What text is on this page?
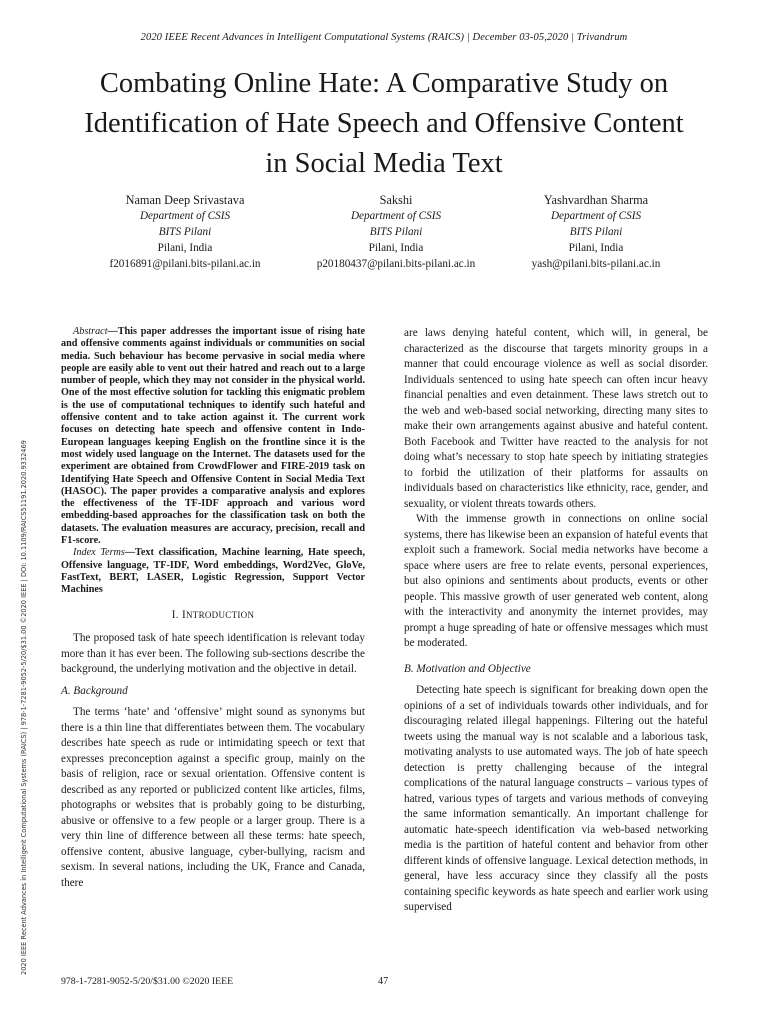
2020 IEEE Recent Advances in Intelligent Computational Systems (RAICS) | December 03-05,2020 | Trivandrum
Combating Online Hate: A Comparative Study on
Identification of Hate Speech and Offensive Content
in Social Media Text
Naman Deep Srivastava
Department of CSIS
BITS Pilani
Pilani, India
f2016891@pilani.bits-pilani.ac.in
Sakshi
Department of CSIS
BITS Pilani
Pilani, India
p20180437@pilani.bits-pilani.ac.in
Yashvardhan Sharma
Department of CSIS
BITS Pilani
Pilani, India
yash@pilani.bits-pilani.ac.in
2020 IEEE Recent Advances in Intelligent Computational Systems (RAICS) | 978-1-7281-9052-5/20/$31.00 ©2020 IEEE | DOI: 10.1109/RAICS51191.2020.9332469

Abstract—This paper addresses the important issue of rising hate and offensive comments against individuals or communities on social media. Such behaviour has become pervasive in social media where people are easily able to vent out their hatred and reach out to a large number of people, which they may not consider in the physical world. One of the most effective solution for tackling this enigmatic problem is the use of computational techniques to identify such hateful and offensive content and to take action against it. The current work focuses on detecting hate speech and offensive content in Indo-European languages keeping English on the frontline since it is the most widely used language on the Internet. The datasets used for the experiment are obtained from CrowdFlower and FIRE-2019 task on Identifying Hate Speech and Offensive Content in Social Media Text (HASOC). The paper provides a comparative analysis and explores the effectiveness of the TF-IDF approach and various word embedding-based approaches for the classification task on both the datasets. The evaluation measures are accuracy, precision, recall and F1-score.

Index Terms—Text classification, Machine learning, Hate speech, Offensive language, TF-IDF, Word embeddings, Word2Vec, GloVe, FastText, BERT, LASER, Logistic Regression, Support Vector Machines

I. INTRODUCTION

The proposed task of hate speech identification is relevant today more than it has ever been. The following sub-sections describe the background, the underlying motivation and the objective in detail.

A. Background

The terms ‘hate’ and ‘offensive’ might sound as synonyms but there is a thin line that differentiates between them. The vocabulary describes hate speech as rude or intimidating speech or text that expresses preconception against a specific group, mainly on the basis of religion, race or sexual orientation. Offensive content is described as any reported or publicized content like articles, films, photographs or websites that is probably going to be disturbing, abusive or offensive to a few people or a larger group. There is a very thin line of difference between all these terms: hate speech, offensive content, abusive language, cyber-bullying, racism and sexism. In several nations, including the UK, France and Canada, there

are laws denying hateful content, which will, in general, be characterized as the discourse that targets minority groups in a manner that could encourage violence as well as social disorder. Individuals sentenced to using hate speech can often incur heavy financial penalties and even detainment. These laws stretch out to the web and web-based social networking, directing many sites to make their own arrangements against abusive and hateful content. Both Facebook and Twitter have reacted to the analysis for not doing what’s necessary to stop hate speech by initiating strategies to forbid the utilization of their platforms for assaults on individuals based on characteristics like ethnicity, race, gender, and sexuality, or violent threats towards others.

With the immense growth in connections on online social systems, there has likewise been an expansion of hateful events that exploit such a framework. Social media networks have become a space where users are free to relate events, personal experiences, but also opinions and sentiments about products, events or other people. This massive growth of user generated web content, along with the interactivity and anonymity the internet provides, may prompt a huge spreading of hate or offensive messages which must be moderated.

B. Motivation and Objective

Detecting hate speech is significant for breaking down open the opinions of a set of individuals towards other individuals, and for discouraging related illegal happenings. Filtering out the hateful tweets using the manual way is not scalable and a laborious task, motivating analysts to use automated ways. The job of hate speech detection is pretty challenging because of the integral complications of the natural language constructs – various types of hatred, various types of targets and various methods of conveying the same information semantically. An important challenge for automatic hate-speech identification via web-based networking media is the partition of hateful content and behavior from other different kinds of offensive language. Lexical detection methods, in general, have less accuracy since they classify all the posts containing specific keywords as hate speech and earlier work using supervised

978-1-7281-9052-5/20/$31.00 ©2020 IEEE	47
